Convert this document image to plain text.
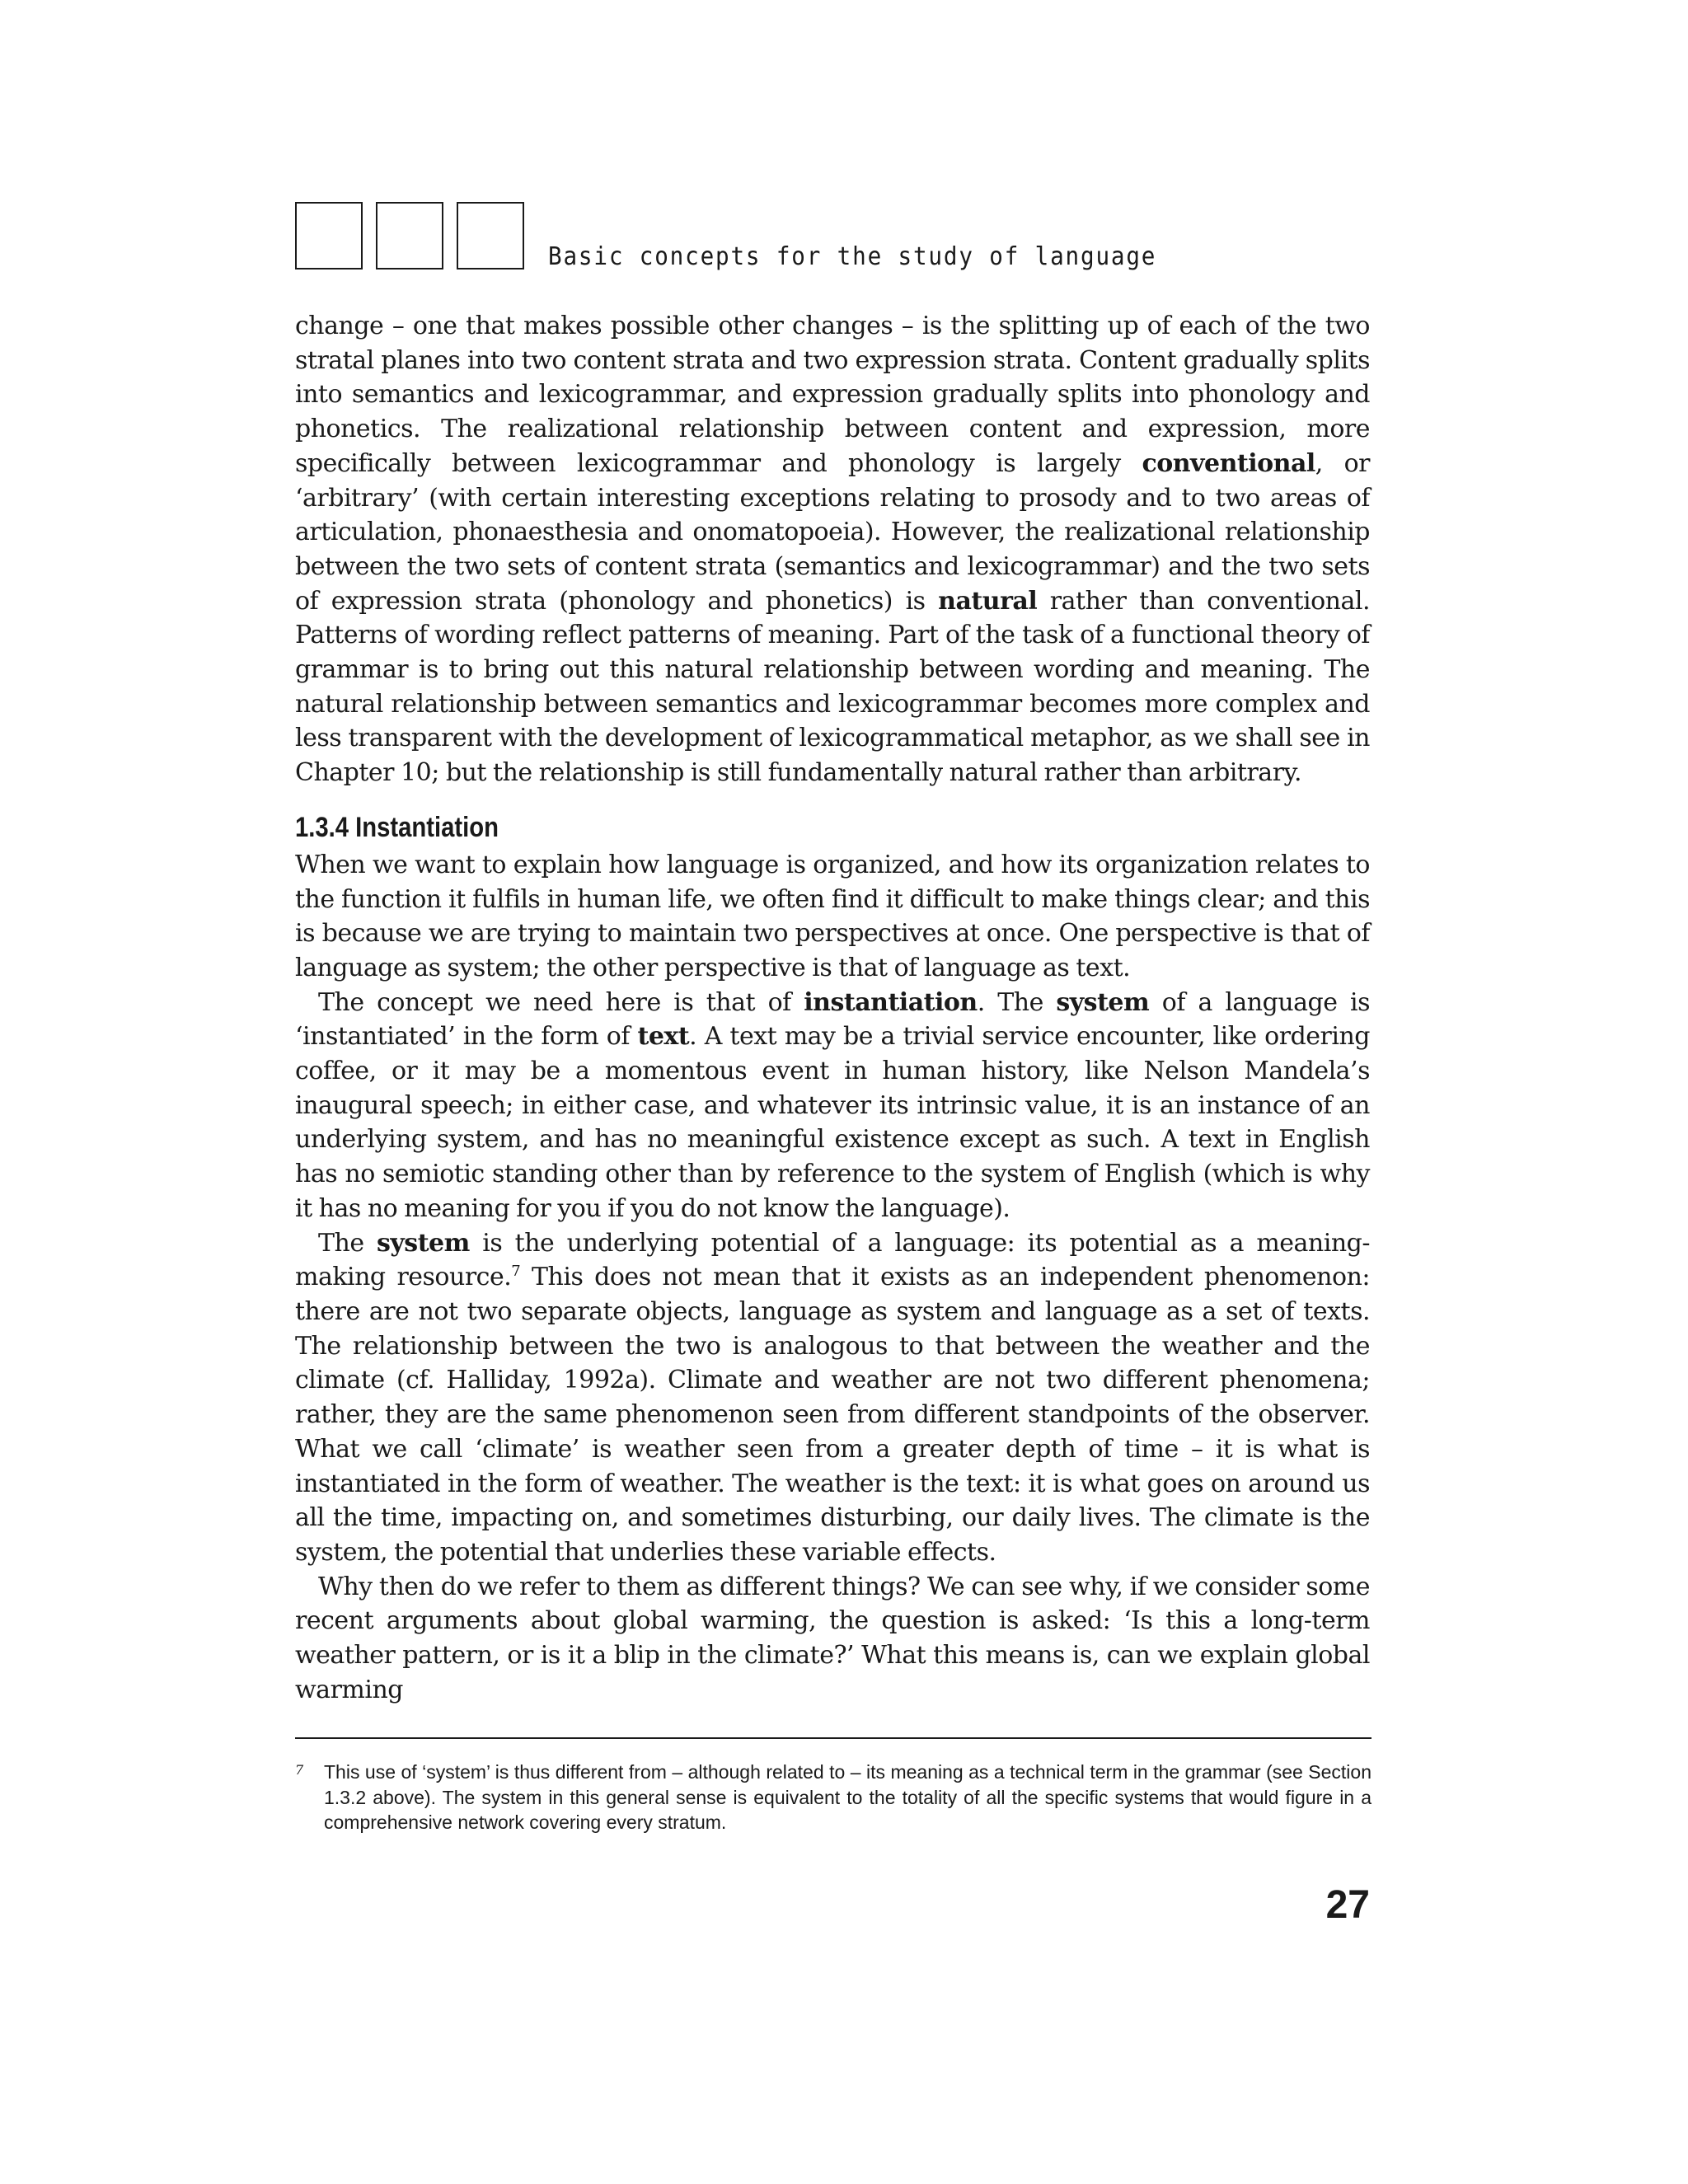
Basic concepts for the study of language

change – one that makes possible other changes – is the splitting up of each of the two stratal planes into two content strata and two expression strata. Content gradually splits into semantics and lexicogrammar, and expression gradually splits into phonology and phonetics. The realizational relationship between content and expression, more specifically between lexicogrammar and phonology is largely conventional, or ‘arbitrary’ (with certain interesting exceptions relating to prosody and to two areas of articulation, phonaesthesia and onomatopoeia). However, the realizational relationship between the two sets of content strata (semantics and lexicogrammar) and the two sets of expression strata (phonology and phonetics) is natural rather than conventional. Patterns of wording reflect patterns of meaning. Part of the task of a functional theory of grammar is to bring out this natural relationship between wording and meaning. The natural relationship between semantics and lexicogrammar becomes more complex and less transparent with the development of lexicogrammatical metaphor, as we shall see in Chapter 10; but the relationship is still fundamentally natural rather than arbitrary.

1.3.4 Instantiation

When we want to explain how language is organized, and how its organization relates to the function it fulfils in human life, we often find it difficult to make things clear; and this is because we are trying to maintain two perspectives at once. One perspective is that of language as system; the other perspective is that of language as text.

The concept we need here is that of instantiation. The system of a language is ‘instantiated’ in the form of text. A text may be a trivial service encounter, like ordering coffee, or it may be a momentous event in human history, like Nelson Mandela’s inaugural speech; in either case, and whatever its intrinsic value, it is an instance of an underlying system, and has no meaningful existence except as such. A text in English has no semiotic standing other than by reference to the system of English (which is why it has no meaning for you if you do not know the language).

The system is the underlying potential of a language: its potential as a meaning-making resource.$^7$ This does not mean that it exists as an independent phenomenon: there are not two separate objects, language as system and language as a set of texts. The relationship between the two is analogous to that between the weather and the climate (cf. Halliday, 1992a). Climate and weather are not two different phenomena; rather, they are the same phenomenon seen from different standpoints of the observer. What we call ‘climate’ is weather seen from a greater depth of time – it is what is instantiated in the form of weather. The weather is the text: it is what goes on around us all the time, impacting on, and sometimes disturbing, our daily lives. The climate is the system, the potential that underlies these variable effects.

Why then do we refer to them as different things? We can see why, if we consider some recent arguments about global warming, the question is asked: ‘Is this a long-term weather pattern, or is it a blip in the climate?’ What this means is, can we explain global warming

7 This use of ‘system’ is thus different from – although related to – its meaning as a technical term in the grammar (see Section 1.3.2 above). The system in this general sense is equivalent to the totality of all the specific systems that would figure in a comprehensive network covering every stratum.
27
